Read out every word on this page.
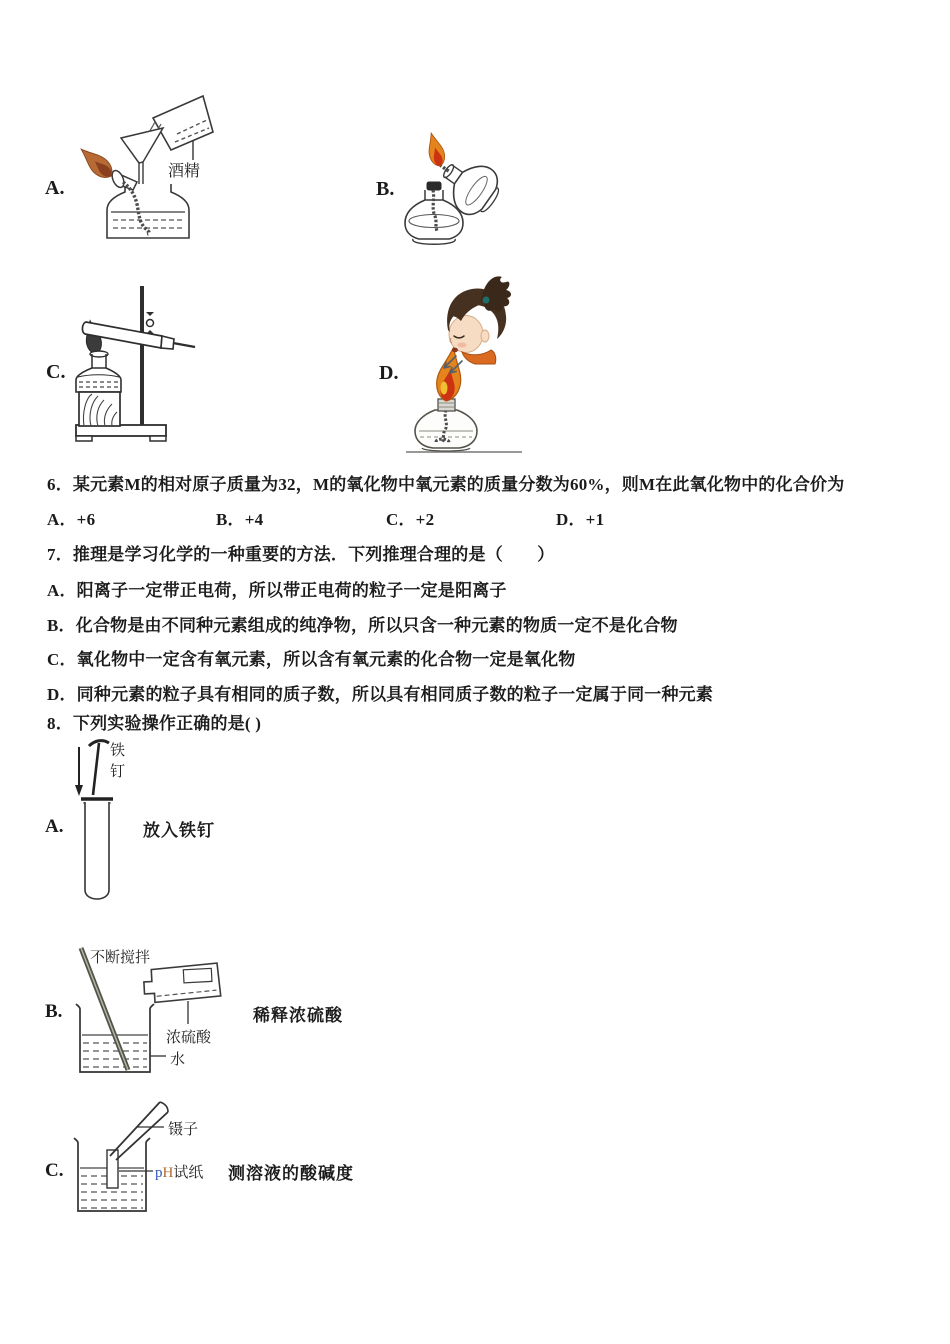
A.
酒精
B.
C.	D.
6．某元素M的相对原子质量为32，M的氧化物中氧元素的质量分数为60%，则M在此氧化物中的化合价为
A．+6	B．+4	C．+2	D．+1
7．推理是学习化学的一种重要的方法．下列推理合理的是（　　）
A．阳离子一定带正电荷，所以带正电荷的粒子一定是阳离子
B．化合物是由不同种元素组成的纯净物，所以只含一种元素的物质一定不是化合物
C．氧化物中一定含有氧元素，所以含有氧元素的化合物一定是氧化物
D．同种元素的粒子具有相同的质子数，所以具有相同质子数的粒子一定属于同一种元素
8．下列实验操作正确的是( )
铁
钉
A.	放入铁钉
不断搅拌
浓硫酸
水
B.	稀释浓硫酸
镊子
pH试纸
C.	测溶液的酸碱度
